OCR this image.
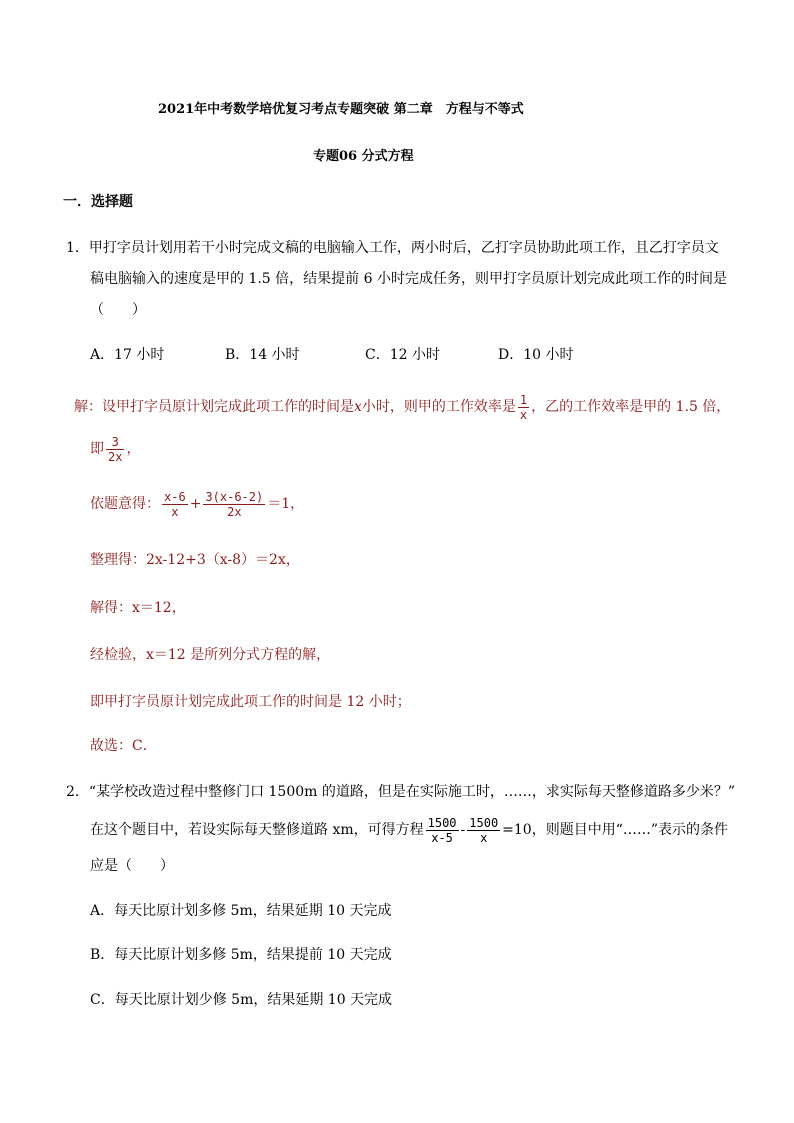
2021年中考数学培优复习考点专题突破 第二章　方程与不等式
专题06 分式方程
一．选择题
1．甲打字员计划用若干小时完成文稿的电脑输入工作，两小时后，乙打字员协助此项工作，且乙打字员文
稿电脑输入的速度是甲的 1.5 倍，结果提前 6 小时完成任务，则甲打字员原计划完成此项工作的时间是
（　　）
A．17 小时	B．14 小时	C．12 小时	D．10 小时
解：设甲打字员原计划完成此项工作的时间是x小时，则甲的工作效率是 $\frac{1}{x}$ ，乙的工作效率是甲的 1.5 倍，
即 $\frac{3}{2x}$ ，
依题意得： $\frac{x-6}{x} + \frac{3(x-6-2)}{2x} =1$，
整理得：2x-12+3（x-8）＝2x，
解得：x＝12，
经检验，x＝12 是所列分式方程的解，
即甲打字员原计划完成此项工作的时间是 12 小时；
故选：C．
2．“某学校改造过程中整修门口 1500m 的道路，但是在实际施工时，……，求实际每天整修道路多少米？”
在这个题目中，若设实际每天整修道路 xm，可得方程 $\frac{1500}{x-5} - \frac{1500}{x} =10$，则题目中用“……”表示的条件
应是（　　）
A．每天比原计划多修 5m，结果延期 10 天完成
B．每天比原计划多修 5m，结果提前 10 天完成
C．每天比原计划少修 5m，结果延期 10 天完成
